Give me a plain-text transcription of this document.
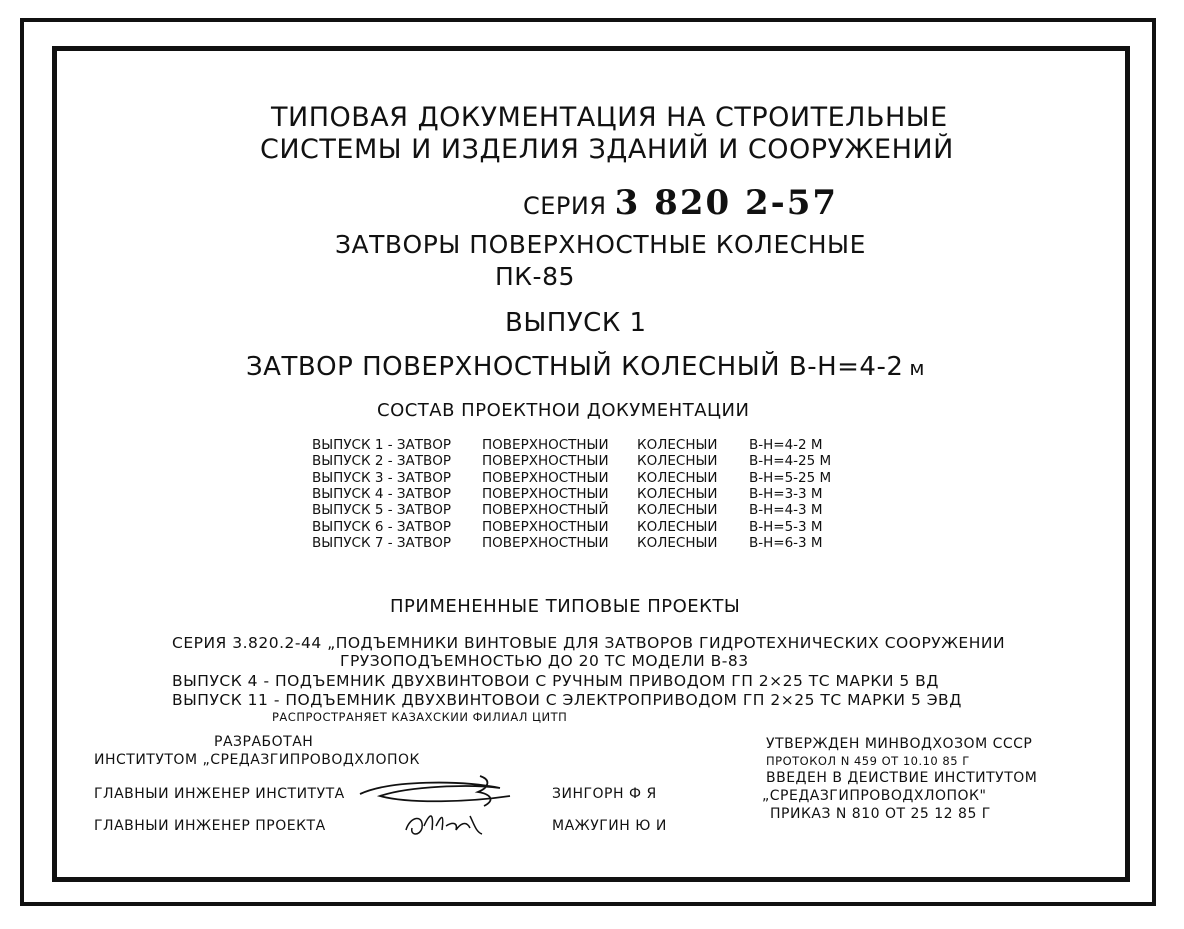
ТИПОВАЯ ДОКУМЕНТАЦИЯ НА СТРОИТЕЛЬНЫЕ
СИСТЕМЫ И ИЗДЕЛИЯ ЗДАНИЙ И СООРУЖЕНИЙ
СЕРИЯ 3 820 2-57
ЗАТВОРЫ ПОВЕРХНОСТНЫЕ КОЛЕСНЫЕ
ПК-85
ВЫПУСК 1
ЗАТВОР ПОВЕРХНОСТНЫЙ КОЛЕСНЫЙ В-Н=4-2 м
СОСТАВ ПРОЕКТНОИ ДОКУМЕНТАЦИИ
ВЫПУСК 1 - ЗАТВОР ПОВЕРХНОСТНЫИ КОЛЕСНЫИ В-Н=4-2 М
ВЫПУСК 2 - ЗАТВОР ПОВЕРХНОСТНЫИ КОЛЕСНЫИ В-Н=4-25 М
ВЫПУСК 3 - ЗАТВОР ПОВЕРХНОСТНЫИ КОЛЕСНЫИ В-Н=5-25 М
ВЫПУСК 4 - ЗАТВОР ПОВЕРХНОСТНЫИ КОЛЕСНЫИ В-Н=3-3 М
ВЫПУСК 5 - ЗАТВОР ПОВЕРХНОСТНЫЙ КОЛЕСНЫИ В-Н=4-3 М
ВЫПУСК 6 - ЗАТВОР ПОВЕРХНОСТНЫИ КОЛЕСНЫИ В-Н=5-3 М
ВЫПУСК 7 - ЗАТВОР ПОВЕРХНОСТНЫИ КОЛЕСНЫИ В-Н=6-3 М
ПРИМЕНЕННЫЕ ТИПОВЫЕ ПРОЕКТЫ
СЕРИЯ 3.820.2-44 „ПОДЪЕМНИКИ ВИНТОВЫЕ ДЛЯ ЗАТВОРОВ ГИДРОТЕХНИЧЕСКИХ СООРУЖЕНИИ
ГРУЗОПОДЪЕМНОСТЬЮ ДО 20 ТС МОДЕЛИ В-83
ВЫПУСК 4 - ПОДЪЕМНИК ДВУХВИНТОВОИ С РУЧНЫМ ПРИВОДОМ ГП 2×25 ТС МАРКИ 5 ВД
ВЫПУСК 11 - ПОДЪЕМНИК ДВУХВИНТОВОИ С ЭЛЕКТРОПРИВОДОМ ГП 2×25 ТС МАРКИ 5 ЭВД
РАСПРОСТРАНЯЕТ КАЗАХСКИИ ФИЛИАЛ ЦИТП
РАЗРАБОТАН
ИНСТИТУТОМ „СРЕДАЗГИПРОВОДХЛОПОК
ГЛАВНЫИ ИНЖЕНЕР ИНСТИТУТА	ЗИНГОРН Ф Я
ГЛАВНЫИ ИНЖЕНЕР ПРОЕКТА	МАЖУГИН Ю И
УТВЕРЖДЕН МИНВОДХОЗОМ СССР
ПРОТОКОЛ N 459 ОТ 10.10 85 Г
ВВЕДЕН В ДЕИСТВИЕ ИНСТИТУТОМ
„СРЕДАЗГИПРОВОДХЛОПОК"
ПРИКАЗ N 810 ОТ 25 12 85 Г
